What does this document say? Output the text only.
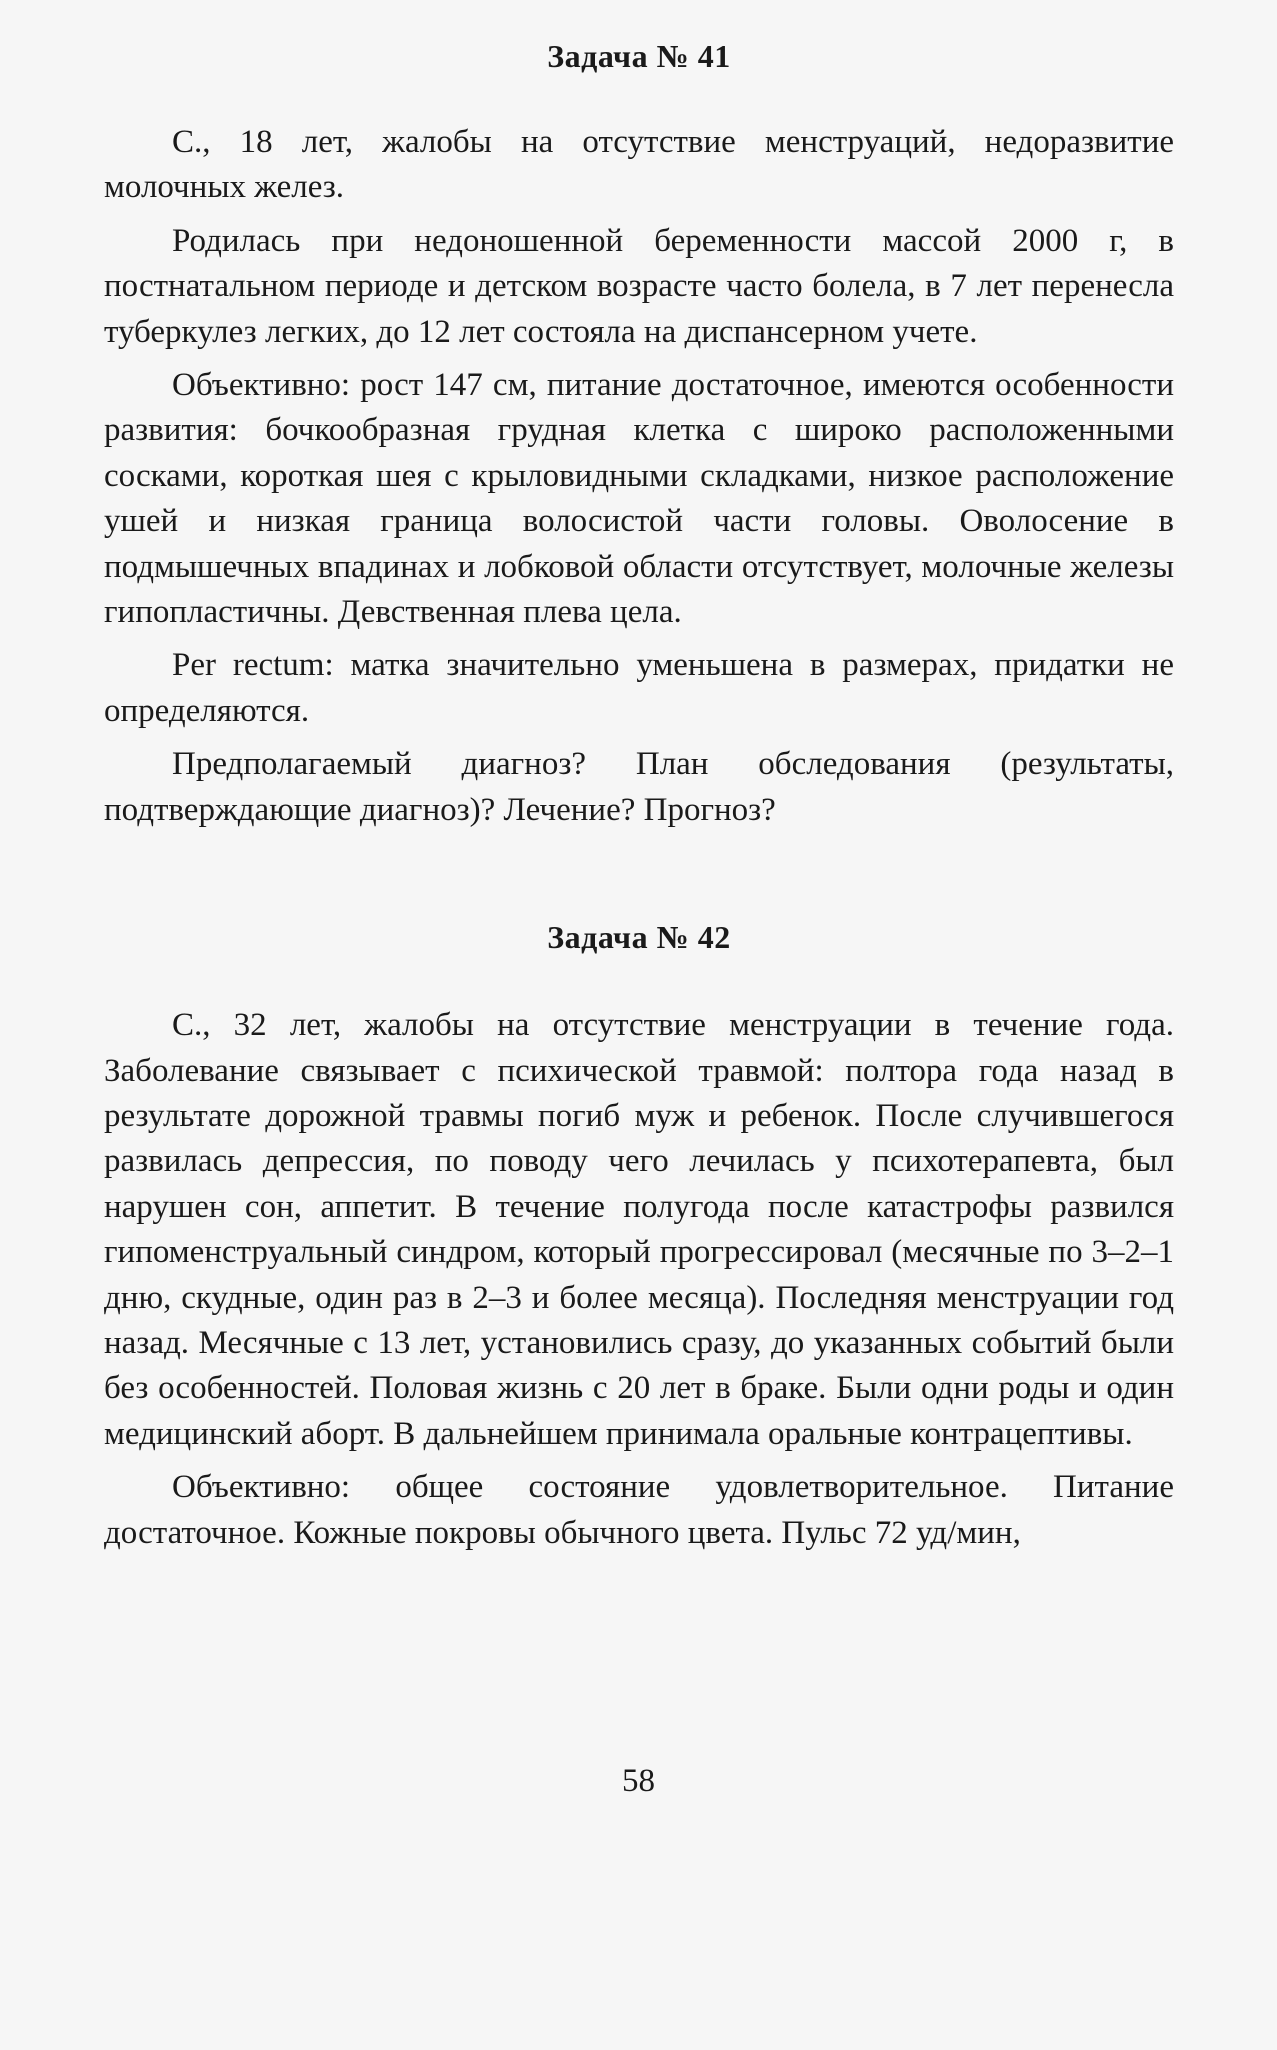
Задача № 41

С., 18 лет, жалобы на отсутствие менструаций, недоразвитие молочных желез.

Родилась при недоношенной беременности массой 2000 г, в постнатальном периоде и детском возрасте часто болела, в 7 лет перенесла туберкулез легких, до 12 лет состояла на диспансерном учете.

Объективно: рост 147 см, питание достаточное, имеются особенности развития: бочкообразная грудная клетка с широко расположенными сосками, короткая шея с крыловидными складками, низкое расположение ушей и низкая граница волосистой части головы. Оволосение в подмышечных впадинах и лобковой области отсутствует, молочные железы гипопластичны. Девственная плева цела.

Per rectum: матка значительно уменьшена в размерах, придатки не определяются.

Предполагаемый диагноз? План обследования (результаты, подтверждающие диагноз)? Лечение? Прогноз?

Задача № 42

С., 32 лет, жалобы на отсутствие менструации в течение года. Заболевание связывает с психической травмой: полтора года назад в результате дорожной травмы погиб муж и ребенок. После случившегося развилась депрессия, по поводу чего лечилась у психотерапевта, был нарушен сон, аппетит. В течение полугода после катастрофы развился гипоменструальный синдром, который прогрессировал (месячные по 3–2–1 дню, скудные, один раз в 2–3 и более месяца). Последняя менструации год назад. Месячные с 13 лет, установились сразу, до указанных событий были без особенностей. Половая жизнь с 20 лет в браке. Были одни роды и один медицинский аборт. В дальнейшем принимала оральные контрацептивы.

Объективно: общее состояние удовлетворительное. Питание достаточное. Кожные покровы обычного цвета. Пульс 72 уд/мин,

58
